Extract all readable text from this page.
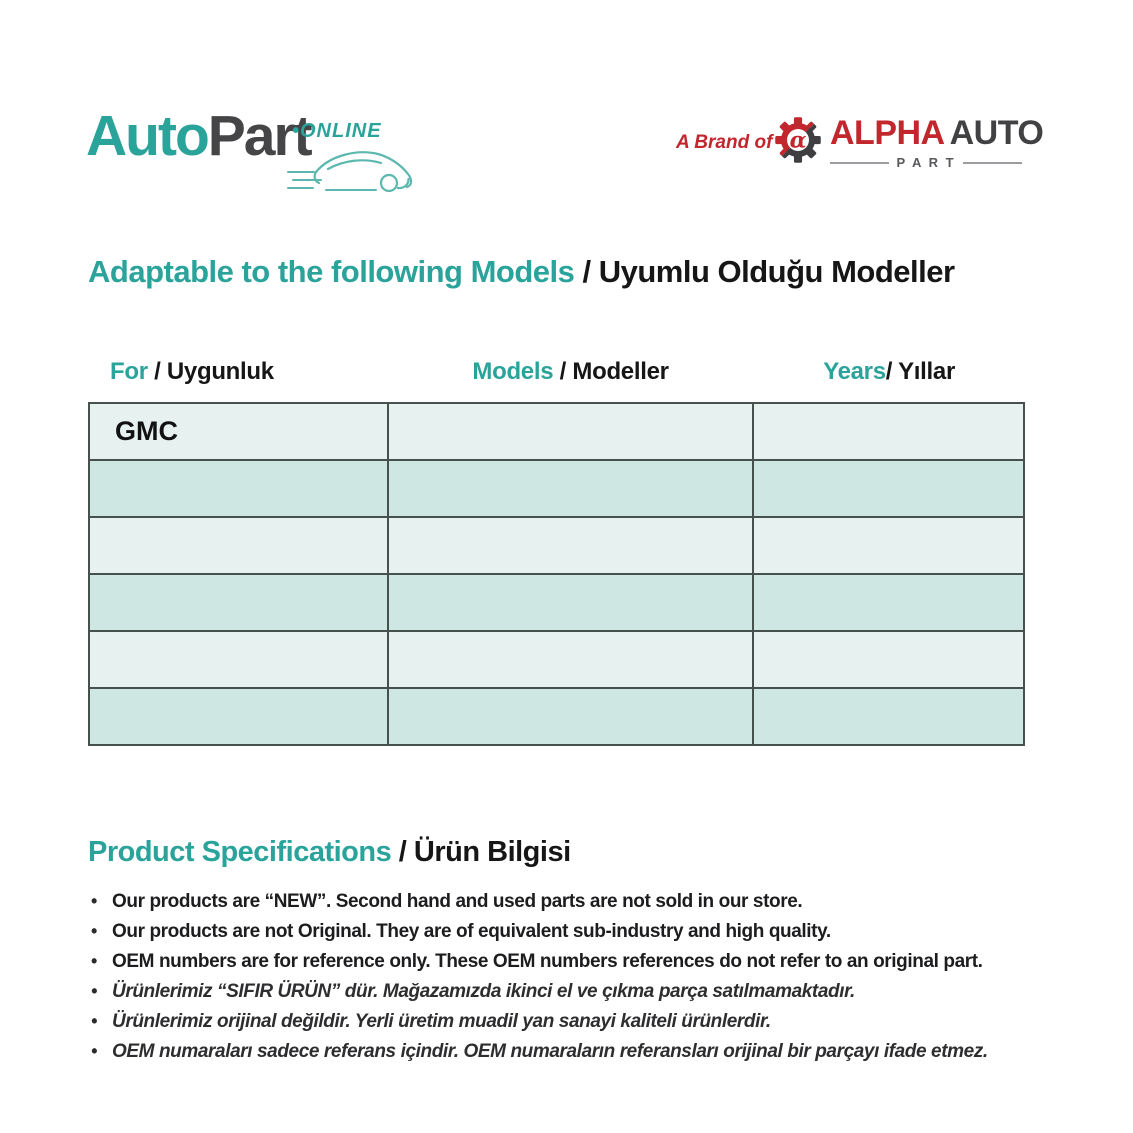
AutoPart
•ONLINE
A Brand of α ALPHA AUTO
P A R T
Adaptable to the following Models / Uyumlu Olduğu Modeller
For / Uygunluk	Models / Modeller	Years/ Yıllar
GMC		

Product Specifications / Ürün Bilgisi
• Our products are “NEW”. Second hand and used parts are not sold in our store.
• Our products are not Original. They are of equivalent sub-industry and high quality.
• OEM numbers are for reference only. These OEM numbers references do not refer to an original part.
• Ürünlerimiz “SIFIR ÜRÜN” dür. Mağazamızda ikinci el ve çıkma parça satılmamaktadır.
• Ürünlerimiz orijinal değildir. Yerli üretim muadil yan sanayi kaliteli ürünlerdir.
• OEM numaraları sadece referans içindir. OEM numaraların referansları orijinal bir parçayı ifade etmez.
